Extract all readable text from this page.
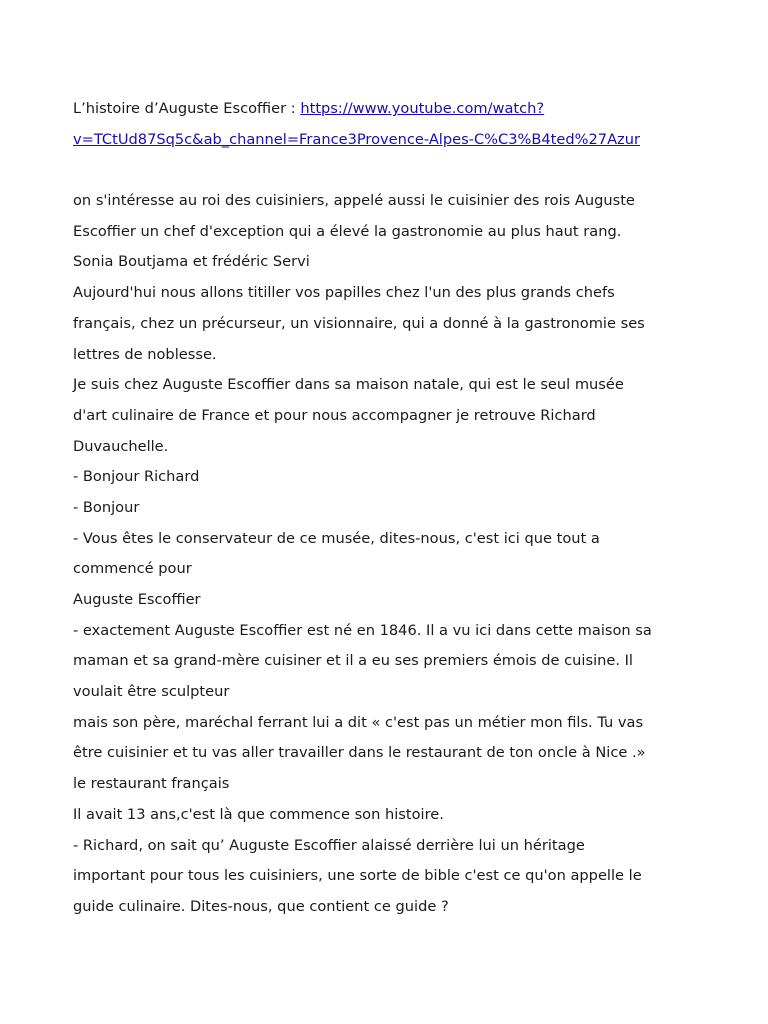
L’histoire d’Auguste Escoffier : https://www.youtube.com/watch?
v=TCtUd87Sq5c&ab_channel=France3Provence-Alpes-C%C3%B4ted%27Azur
on s'intéresse au roi des cuisiniers, appelé aussi le cuisinier des rois Auguste
Escoffier un chef d'exception qui a élevé la gastronomie au plus haut rang.
Sonia Boutjama et frédéric Servi
Aujourd'hui nous allons titiller vos papilles chez l'un des plus grands chefs
français, chez un précurseur, un visionnaire, qui a donné à la gastronomie ses
lettres de noblesse.
Je suis chez Auguste Escoffier dans sa maison natale, qui est le seul musée
d'art culinaire de France et pour nous accompagner je retrouve Richard
Duvauchelle.
- Bonjour Richard
- Bonjour
- Vous êtes le conservateur de ce musée, dites-nous, c'est ici que tout a
commencé pour
Auguste Escoffier
- exactement Auguste Escoffier est né en 1846. Il a vu ici dans cette maison sa
maman et sa grand-mère cuisiner et il a eu ses premiers émois de cuisine. Il
voulait être sculpteur
mais son père, maréchal ferrant lui a dit « c'est pas un métier mon fils. Tu vas
être cuisinier et tu vas aller travailler dans le restaurant de ton oncle à Nice .»
le restaurant français
Il avait 13 ans,c'est là que commence son histoire.
- Richard, on sait qu’ Auguste Escoffier alaissé derrière lui un héritage
important pour tous les cuisiniers, une sorte de bible c'est ce qu'on appelle le
guide culinaire. Dites-nous, que contient ce guide ?
